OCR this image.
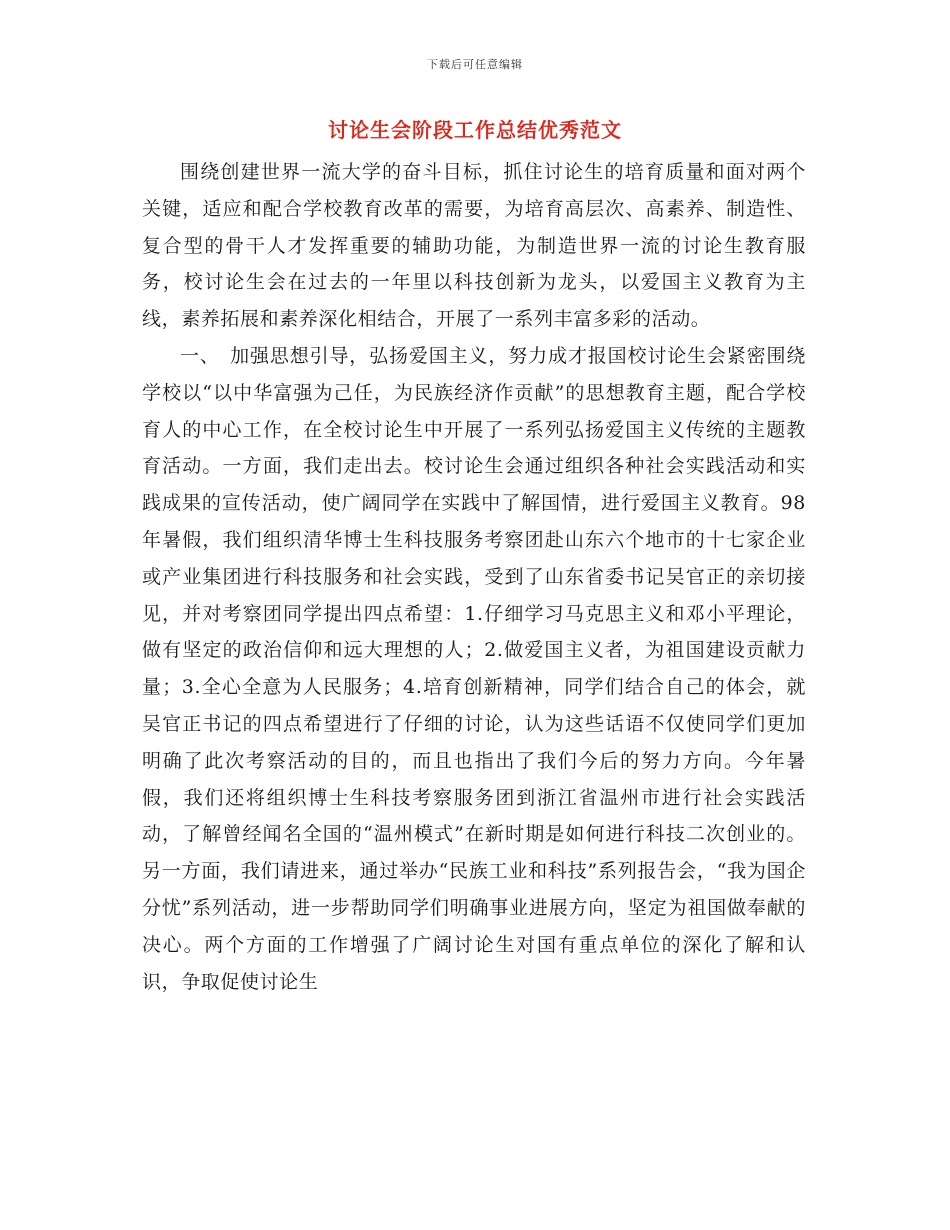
下载后可任意编辑
讨论生会阶段工作总结优秀范文

围绕创建世界一流大学的奋斗目标，抓住讨论生的培育质量和面对两个关键，适应和配合学校教育改革的需要，为培育高层次、高素养、制造性、复合型的骨干人才发挥重要的辅助功能，为制造世界一流的讨论生教育服务，校讨论生会在过去的一年里以科技创新为龙头，以爱国主义教育为主线，素养拓展和素养深化相结合，开展了一系列丰富多彩的活动。

一、　加强思想引导，弘扬爱国主义，努力成才报国校讨论生会紧密围绕学校以“以中华富强为己任，为民族经济作贡献”的思想教育主题，配合学校育人的中心工作，在全校讨论生中开展了一系列弘扬爱国主义传统的主题教育活动。一方面，我们走出去。校讨论生会通过组织各种社会实践活动和实践成果的宣传活动，使广阔同学在实践中了解国情，进行爱国主义教育。98年暑假，我们组织清华博士生科技服务考察团赴山东六个地市的十七家企业或产业集团进行科技服务和社会实践，受到了山东省委书记吴官正的亲切接见，并对考察团同学提出四点希望：1.仔细学习马克思主义和邓小平理论，做有坚定的政治信仰和远大理想的人；2.做爱国主义者，为祖国建设贡献力量；3.全心全意为人民服务；4.培育创新精神，同学们结合自己的体会，就吴官正书记的四点希望进行了仔细的讨论，认为这些话语不仅使同学们更加明确了此次考察活动的目的，而且也指出了我们今后的努力方向。今年暑假，我们还将组织博士生科技考察服务团到浙江省温州市进行社会实践活动，了解曾经闻名全国的“温州模式”在新时期是如何进行科技二次创业的。另一方面，我们请进来，通过举办“民族工业和科技”系列报告会，“我为国企分忧”系列活动，进一步帮助同学们明确事业进展方向，坚定为祖国做奉献的决心。两个方面的工作增强了广阔讨论生对国有重点单位的深化了解和认识，争取促使讨论生
